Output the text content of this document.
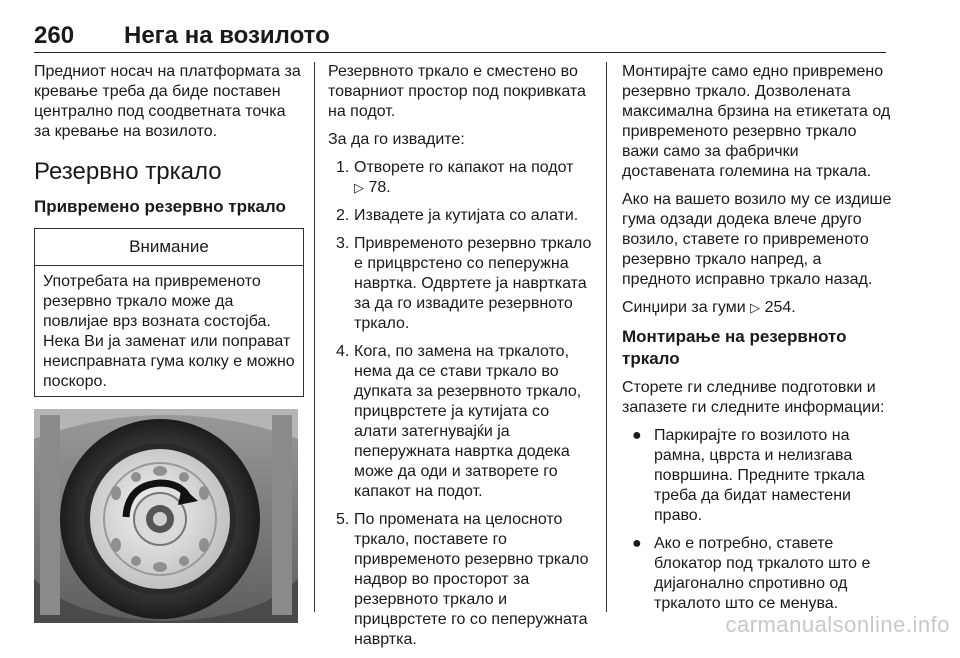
260 Нега на возилото

Предниот носач на платформата за кревање треба да биде поставен централно под соодветната точка за кревање на возилото.

Резервно тркало
Привремено резервно тркало
Внимание
Употребата на привременото резервно тркало може да повлијае врз возната состојба. Нека Ви ја заменат или поправат неисправната гума колку е можно поскоро.

Резервното тркало е сместено во товарниот простор под покривката на подот.

За да го извадите:

1. Отворете го капакот на подот
▷ 78.
2. Извадете ја кутијата со алати.
3. Привременото резервно тркало е прицврстено со пеперужна навртка. Одвртете ја навртката за да го извадите резервното тркало.
4. Кога, по замена на тркалото, нема да се стави тркало во дупката за резервното тркало, прицврстете ја кутијата со алати затегнувајќи ја пеперужната навртка додека може да оди и затворете го капакот на подот.
5. По промената на целосното тркало, поставете го привременото резервно тркало надвор во просторот за резервното тркало и прицврстете го со пеперужната навртка.

Монтирајте само едно привремено резервно тркало. Дозволената максимална брзина на етикетата од привременото резервно тркало важи само за фабрички доставената големина на тркала.

Ако на вашето возило му се издише гума одзади додека влече друго возило, ставете го привременото резервно тркало напред, а предното исправно тркало назад.

Синџири за гуми ▷ 254.

Монтирање на резервното тркало

Сторете ги следниве подготовки и запазете ги следните информации:

● Паркирајте го возилото на рамна, цврста и нелизгава површина. Предните тркала треба да бидат наместени право.
● Ако е потребно, ставете блокатор под тркалото што е дијагонално спротивно од тркалото што се менува.
carmanualsonline.info
